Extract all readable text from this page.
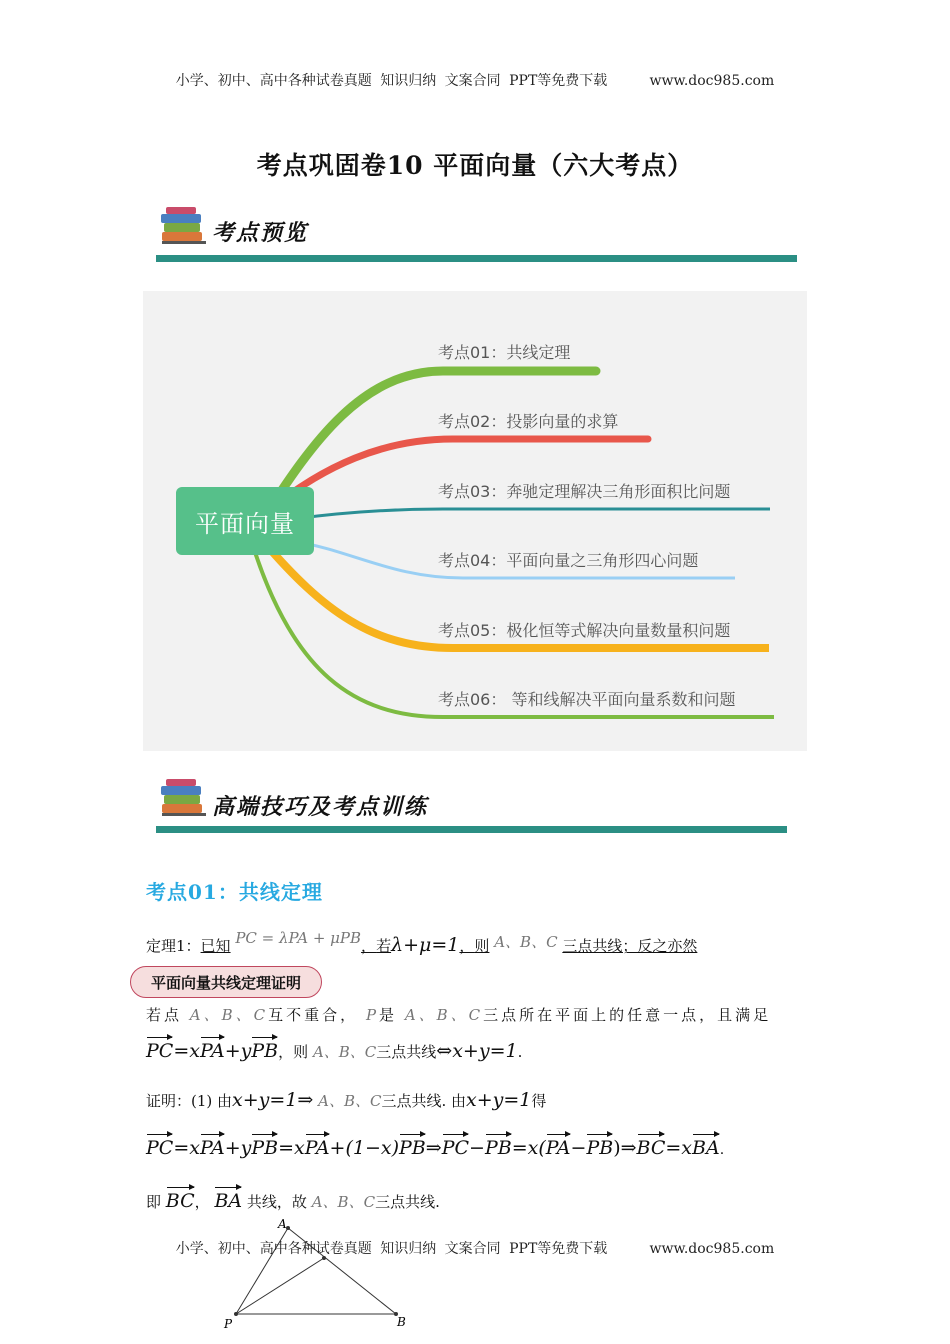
小学、初中、高中各种试卷真题 知识归纳 文案合同 PPT等免费下载	www.doc985.com
考点巩固卷10 平面向量（六大考点）
考点预览
平面向量
考点01：共线定理
考点02：投影向量的求算
考点03：奔驰定理解决三角形面积比问题
考点04：平面向量之三角形四心问题
考点05：极化恒等式解决向量数量积问题
考点06： 等和线解决平面向量系数和问题
高端技巧及考点训练
考点01：共线定理
定理1：已知 PC = λPA + μPB，若λ+μ=1，则 A、B、C 三点共线；反之亦然
平面向量共线定理证明
若点 A、B、C互不重合， P是 A、B、C三点所在平面上的任意一点，且满足
PC=xPA+yPB，则 A、B、C三点共线⇔x+y=1.
证明：(1) 由x+y=1⇒ A、B、C三点共线. 由x+y=1得
PC=xPA+yPB=xPA+(1−x)PB⇒PC−PB=x(PA−PB)⇒BC=xBA.
即 BC， BA 共线，故 A、B、C三点共线.
A
P	B
小学、初中、高中各种试卷真题 知识归纳 文案合同 PPT等免费下载	www.doc985.com
